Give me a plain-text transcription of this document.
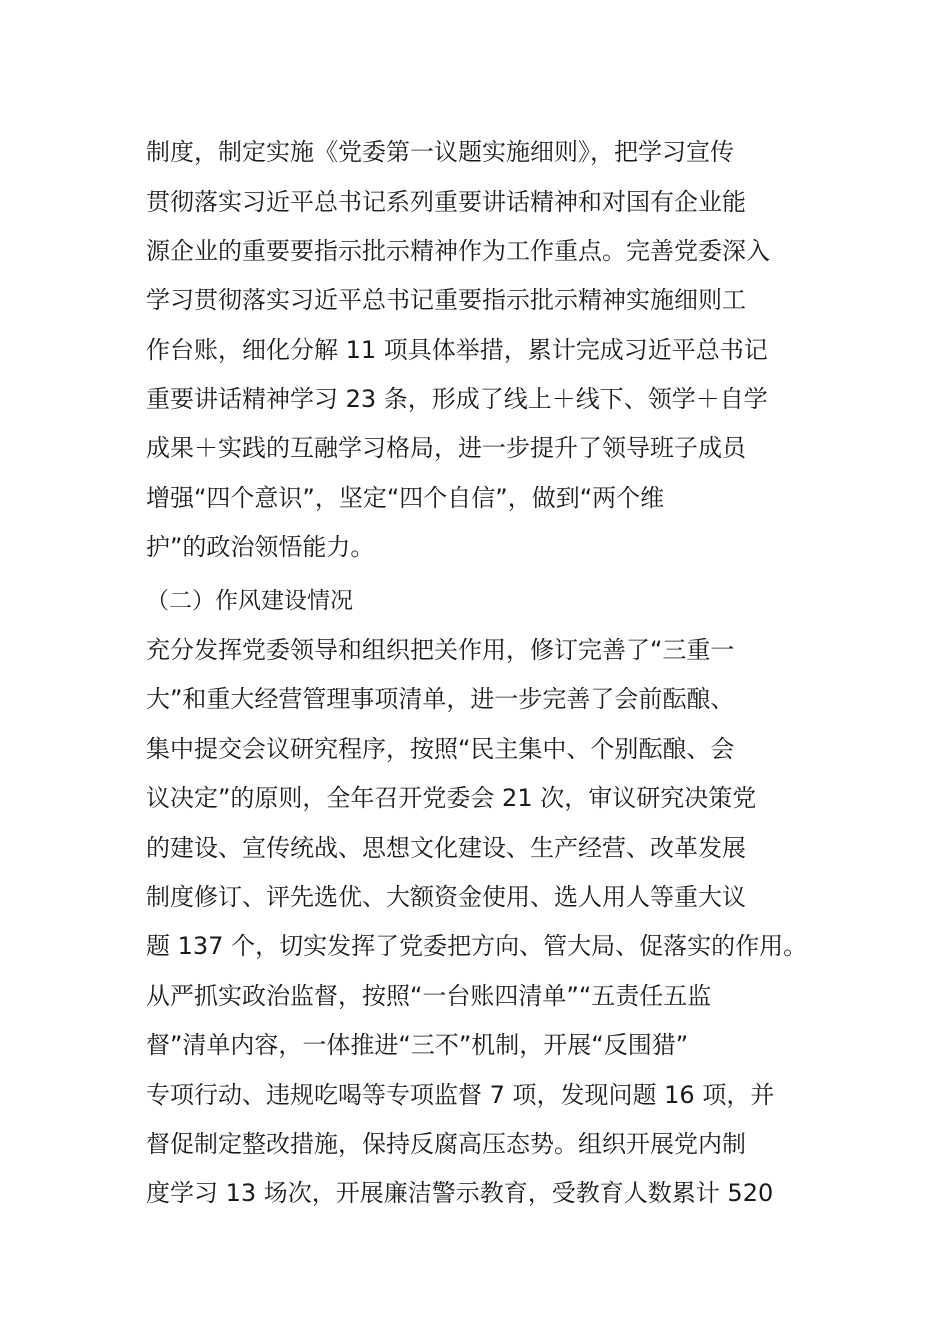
制度，制定实施《党委第一议题实施细则》，把学习宣传
贯彻落实习近平总书记系列重要讲话精神和对国有企业能
源企业的重要要指示批示精神作为工作重点。完善党委深入
学习贯彻落实习近平总书记重要指示批示精神实施细则工
作台账，细化分解 11 项具体举措，累计完成习近平总书记
重要讲话精神学习 23 条，形成了线上＋线下、领学＋自学
成果＋实践的互融学习格局，进一步提升了领导班子成员
增强“四个意识”，坚定“四个自信”，做到“两个维
护”的政治领悟能力。
（二）作风建设情况
充分发挥党委领导和组织把关作用，修订完善了“三重一
大”和重大经营管理事项清单，进一步完善了会前酝酿、
集中提交会议研究程序，按照“民主集中、个别酝酿、会
议决定”的原则，全年召开党委会 21 次，审议研究决策党
的建设、宣传统战、思想文化建设、生产经营、改革发展
制度修订、评先选优、大额资金使用、选人用人等重大议
题 137 个，切实发挥了党委把方向、管大局、促落实的作用。
从严抓实政治监督，按照“一台账四清单”“五责任五监
督”清单内容，一体推进“三不”机制，开展“反围猎”
专项行动、违规吃喝等专项监督 7 项，发现问题 16 项，并
督促制定整改措施，保持反腐高压态势。组织开展党内制
度学习 13 场次，开展廉洁警示教育，受教育人数累计 520
